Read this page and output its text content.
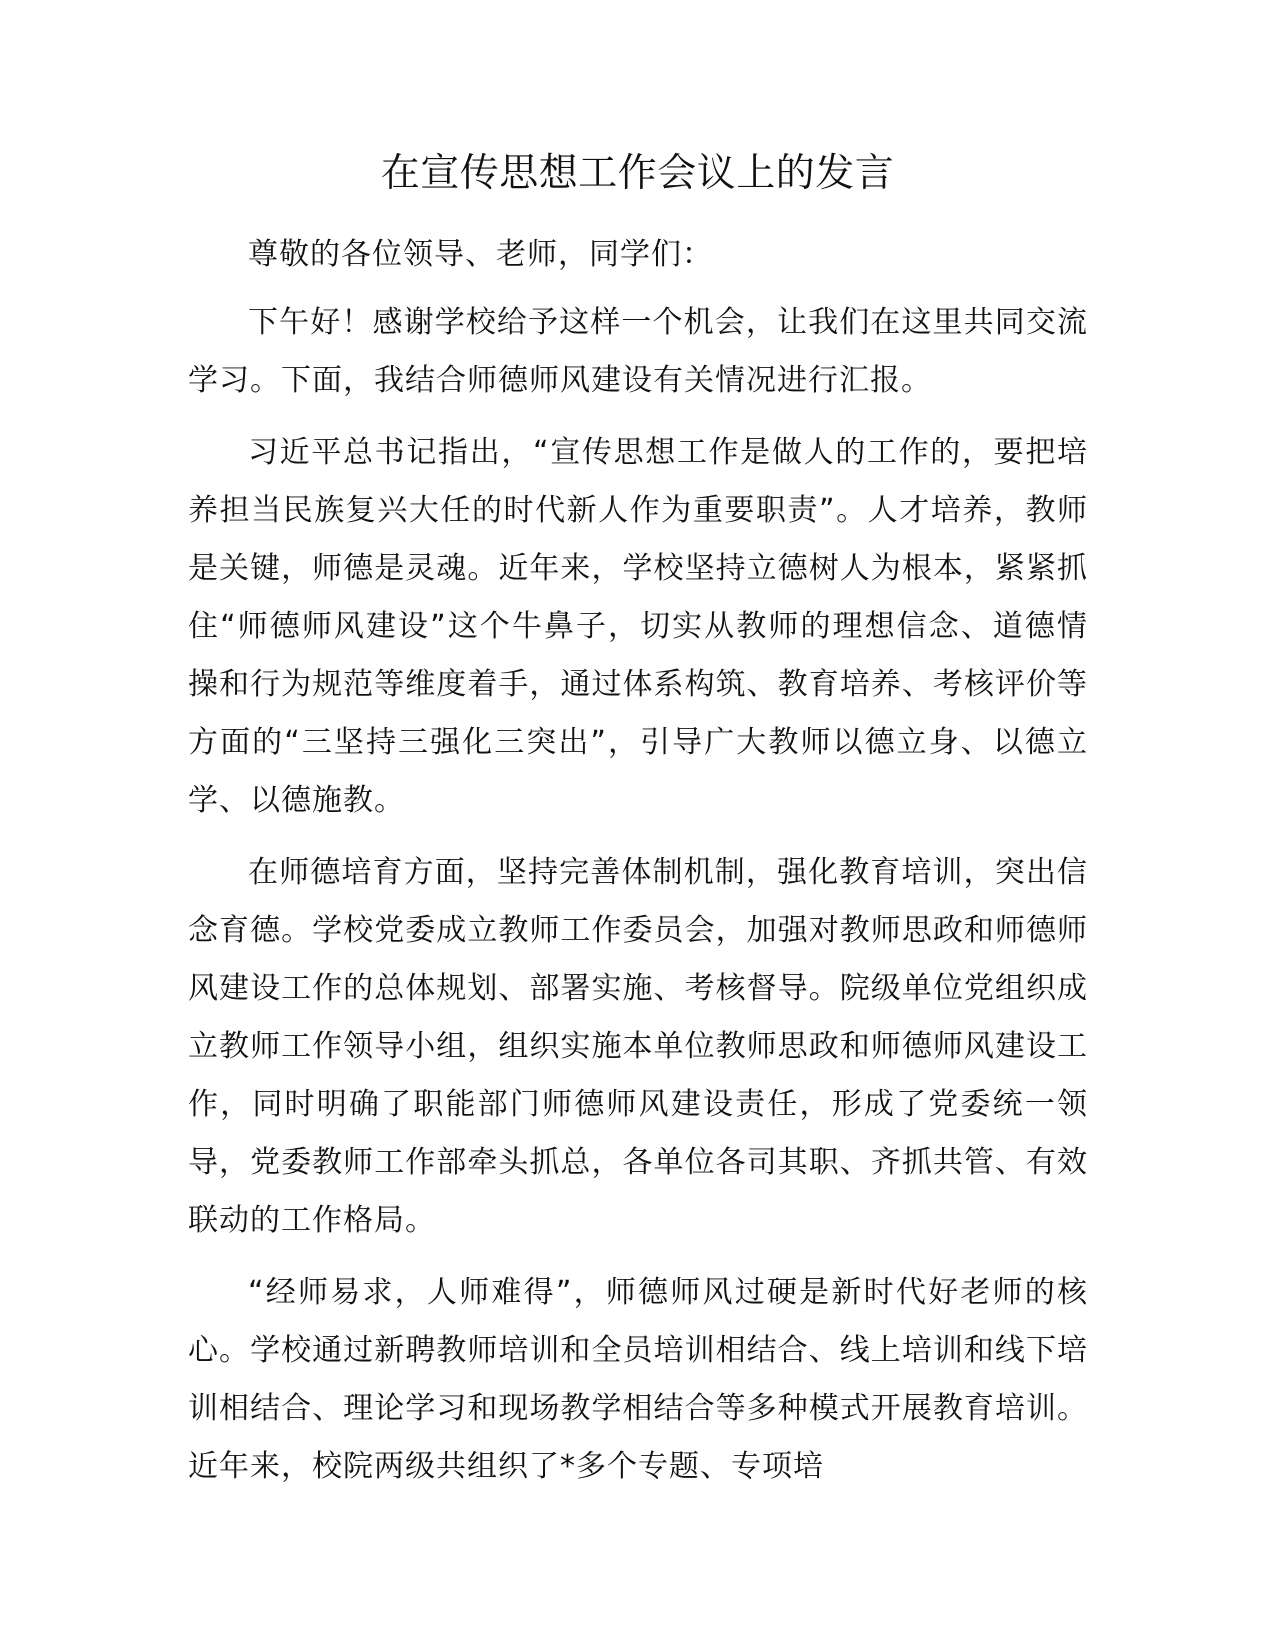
在宣传思想工作会议上的发言

尊敬的各位领导、老师，同学们：

下午好！感谢学校给予这样一个机会，让我们在这里共同交流学习。下面，我结合师德师风建设有关情况进行汇报。

习近平总书记指出，“宣传思想工作是做人的工作的，要把培养担当民族复兴大任的时代新人作为重要职责”。人才培养，教师是关键，师德是灵魂。近年来，学校坚持立德树人为根本，紧紧抓住“师德师风建设”这个牛鼻子，切实从教师的理想信念、道德情操和行为规范等维度着手，通过体系构筑、教育培养、考核评价等方面的“三坚持三强化三突出”，引导广大教师以德立身、以德立学、以德施教。

在师德培育方面，坚持完善体制机制，强化教育培训，突出信念育德。学校党委成立教师工作委员会，加强对教师思政和师德师风建设工作的总体规划、部署实施、考核督导。院级单位党组织成立教师工作领导小组，组织实施本单位教师思政和师德师风建设工作，同时明确了职能部门师德师风建设责任，形成了党委统一领导，党委教师工作部牵头抓总，各单位各司其职、齐抓共管、有效联动的工作格局。

“经师易求，人师难得”，师德师风过硬是新时代好老师的核心。学校通过新聘教师培训和全员培训相结合、线上培训和线下培训相结合、理论学习和现场教学相结合等多种模式开展教育培训。近年来，校院两级共组织了*多个专题、专项培
